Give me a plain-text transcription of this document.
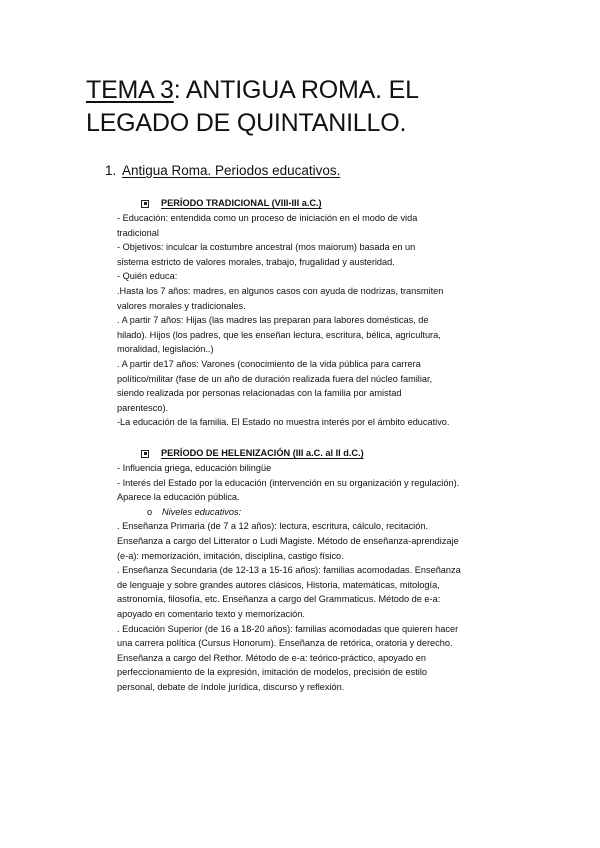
TEMA 3: ANTIGUA ROMA. EL
LEGADO DE QUINTANILLO.
1. Antigua Roma. Periodos educativos.
PERÍODO TRADICIONAL (VIII-III a.C.)
- Educación: entendida como un proceso de iniciación en el modo de vida
tradicional
- Objetivos: inculcar la costumbre ancestral (mos maiorum) basada en un
sistema estricto de valores morales, trabajo, frugalidad y austeridad.
- Quién educa:
.Hasta los 7 años: madres, en algunos casos con ayuda de nodrizas, transmiten
valores morales y tradicionales.
. A partir 7 años: Hijas (las madres las preparan para labores domésticas, de
hilado). Hijos (los padres, que les enseñan lectura, escritura, bélica, agricultura,
moralidad, legislación..)
. A partir de17 años: Varones (conocimiento de la vida pública para carrera
político/militar (fase de un año de duración realizada fuera del núcleo familiar,
siendo realizada por personas relacionadas con la familia por amistad
parentesco).
-La educación de la familia. El Estado no muestra interés por el ámbito educativo.
PERÍODO DE HELENIZACIÓN (III a.C. al II d.C.)
- Influencia griega, educación bilingüe
- Interés del Estado por la educación (intervención en su organización y regulación).
Aparece la educación pública.
o	Niveles educativos:
. Enseñanza Primaria (de 7 a 12 años): lectura, escritura, cálculo, recitación.
Enseñanza a cargo del Litterator o Ludi Magiste. Método de enseñanza-aprendizaje
(e-a): memorización, imitación, disciplina, castigo físico.
. Enseñanza Secundaria (de 12-13 a 15-16 años): familias acomodadas. Enseñanza
de lenguaje y sobre grandes autores clásicos, Historia, matemáticas, mitología,
astronomía, filosofía, etc. Enseñanza a cargo del Grammaticus. Método de e-a:
apoyado en comentario texto y memorización.
. Educación Superior (de 16 a 18-20 años): familias acomodadas que quieren hacer
una carrera política (Cursus Honorum). Enseñanza de retórica, oratoria y derecho.
Enseñanza a cargo del Rethor. Método de e-a: teórico-práctico, apoyado en
perfeccionamiento de la expresión, imitación de modelos, precisión de estilo
personal, debate de índole jurídica, discurso y reflexión.
